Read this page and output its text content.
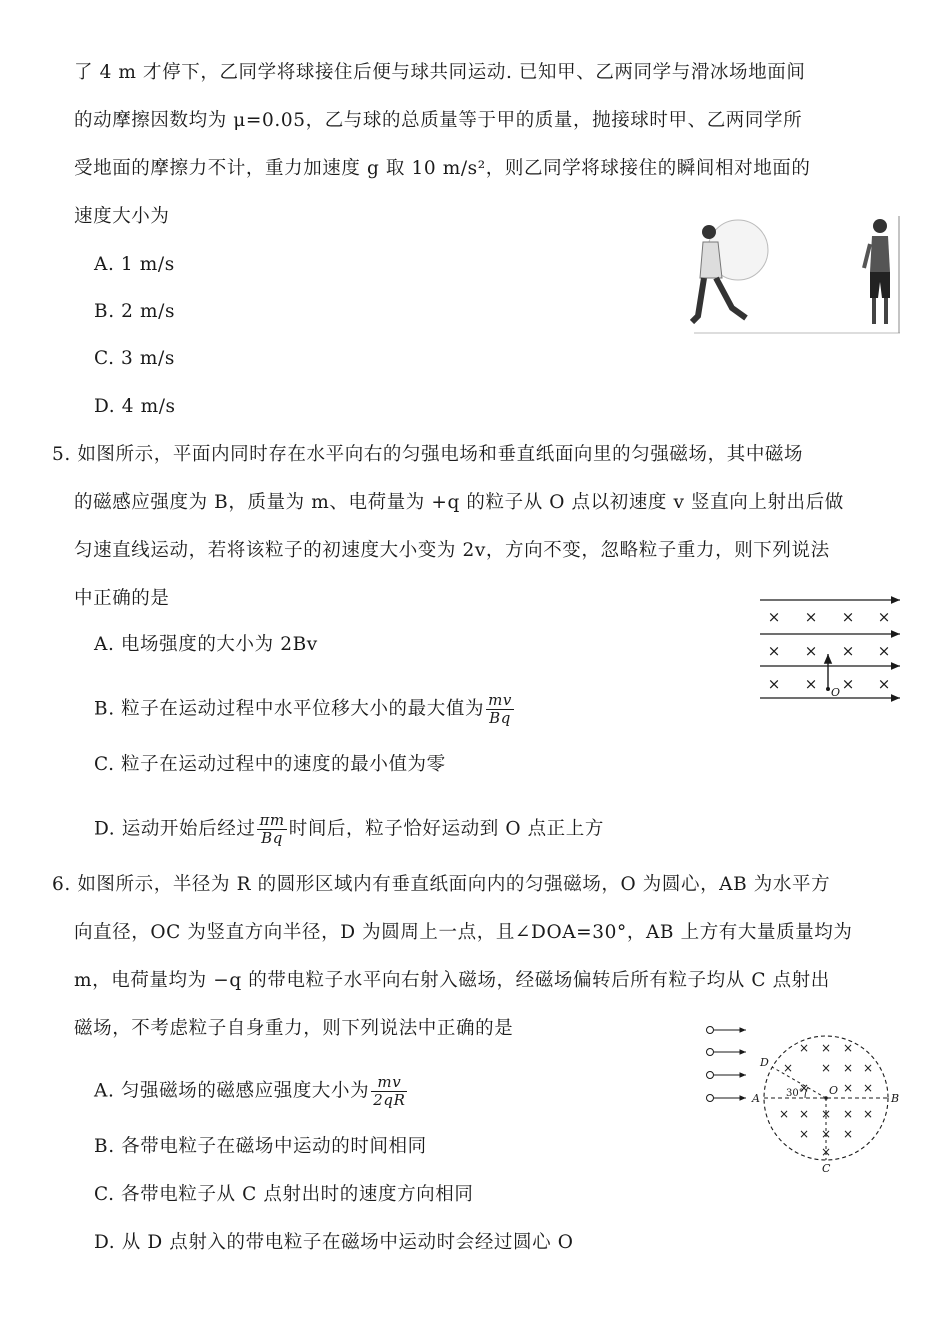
了 4 m 才停下，乙同学将球接住后便与球共同运动. 已知甲、乙两同学与滑冰场地面间
的动摩擦因数均为 μ=0.05，乙与球的总质量等于甲的质量，抛接球时甲、乙两同学所
受地面的摩擦力不计，重力加速度 g 取 10 m/s²，则乙同学将球接住的瞬间相对地面的
速度大小为
A. 1 m/s
B. 2 m/s
C. 3 m/s
D. 4 m/s
5. 如图所示，平面内同时存在水平向右的匀强电场和垂直纸面向里的匀强磁场，其中磁场
的磁感应强度为 B，质量为 m、电荷量为 +q 的粒子从 O 点以初速度 v 竖直向上射出后做
匀速直线运动，若将该粒子的初速度大小变为 2v，方向不变，忽略粒子重力，则下列说法
中正确的是
A. 电场强度的大小为 2Bv
B. 粒子在运动过程中水平位移大小的最大值为 $\frac{mv}{Bq}$
C. 粒子在运动过程中的速度的最小值为零
D. 运动开始后经过 $\frac{\pi m}{Bq}$ 时间后，粒子恰好运动到 O 点正上方
× × × ×
× × × ×
× × × ×
O
6. 如图所示，半径为 R 的圆形区域内有垂直纸面向内的匀强磁场，O 为圆心，AB 为水平方
向直径，OC 为竖直方向半径，D 为圆周上一点，且∠DOA=30°，AB 上方有大量质量均为
m，电荷量均为 −q 的带电粒子水平向右射入磁场，经磁场偏转后所有粒子均从 C 点射出
磁场，不考虑粒子自身重力，则下列说法中正确的是
A. 匀强磁场的磁感应强度大小为 $\frac{mv}{2qR}$
B. 各带电粒子在磁场中运动的时间相同
C. 各带电粒子从 C 点射出时的速度方向相同
D. 从 D 点射入的带电粒子在磁场中运动时会经过圆心 O
× × ×
× × × ×
×	× ×
× × × × ×
× × ×
×
A	B
C
D
O
30°
